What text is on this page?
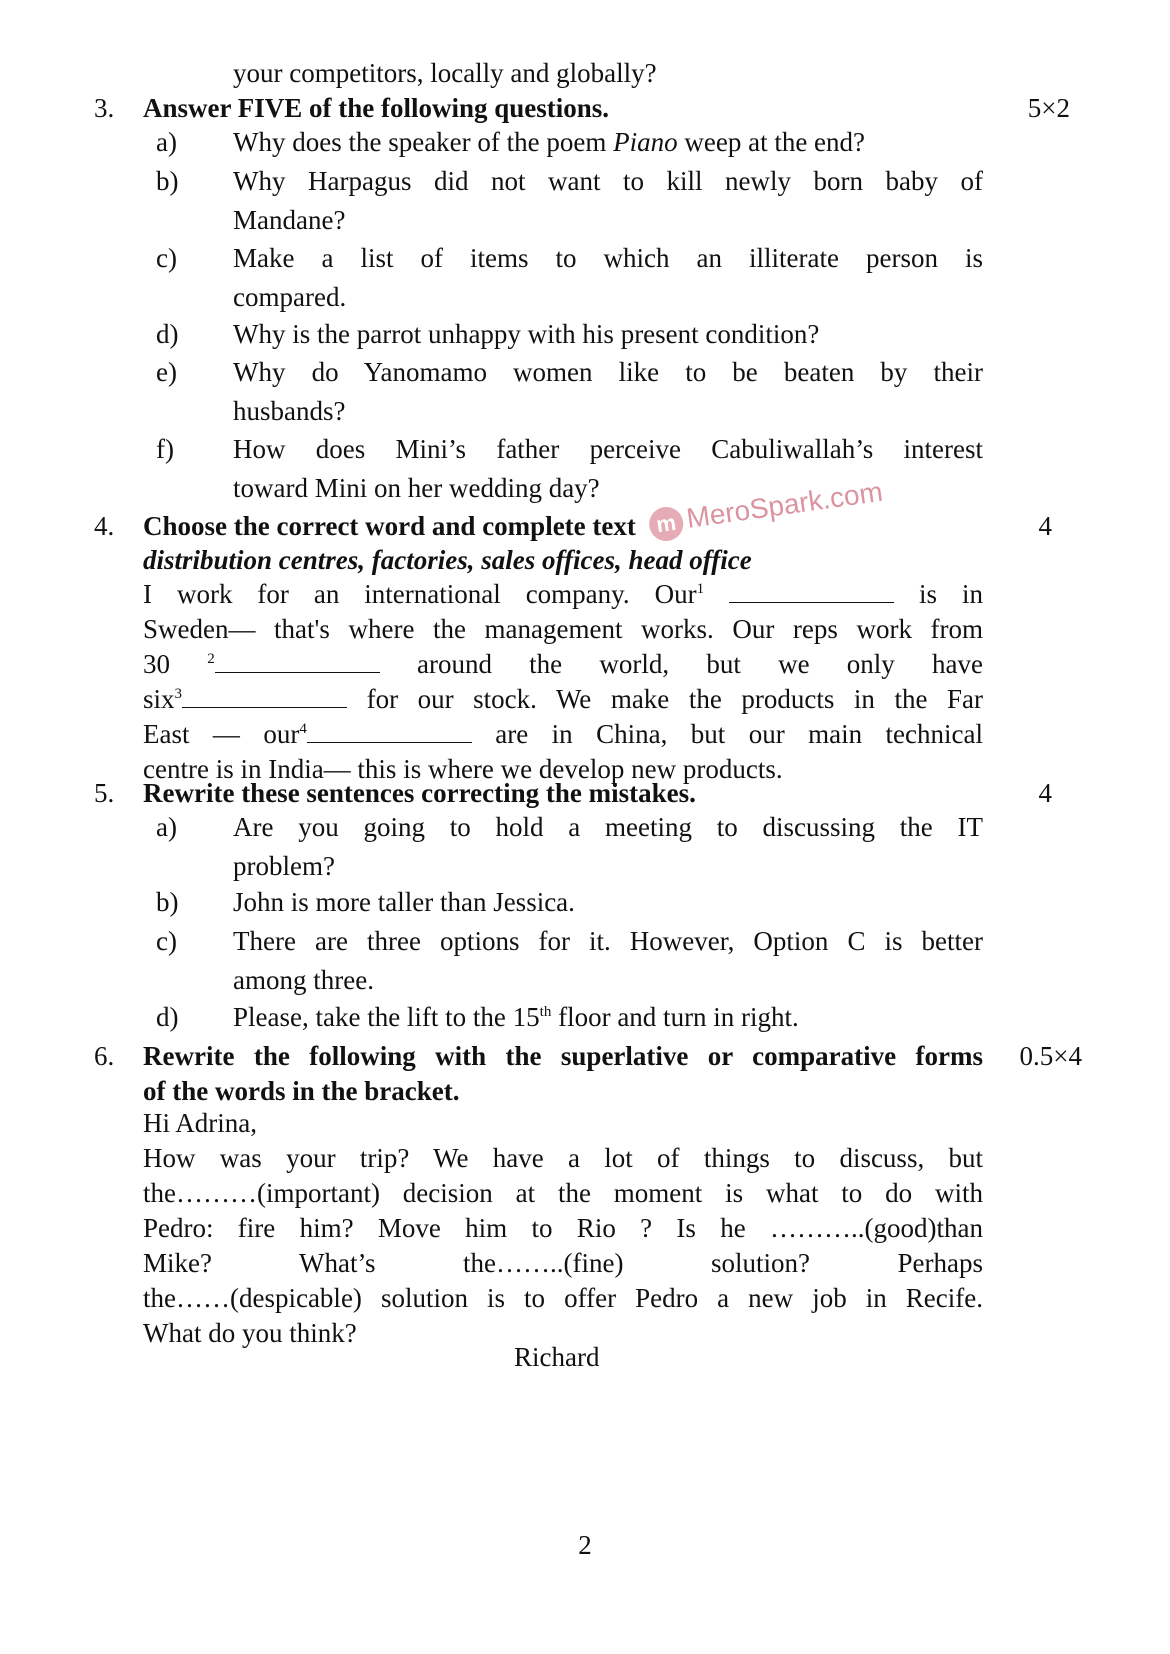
your competitors, locally and globally?
3. Answer FIVE of the following questions.	5×2
a) Why does the speaker of the poem Piano weep at the end?
b) Why Harpagus did not want to kill newly born baby of
Mandane?
c) Make a list of items to which an illiterate person is
compared.
d) Why is the parrot unhappy with his present condition?
e) Why do Yanomamo women like to be beaten by their
husbands?
f) How does Mini’s father perceive Cabuliwallah’s interest
toward Mini on her wedding day?
m MeroSpark.com
4. Choose the correct word and complete text	4
distribution centres, factories, sales offices, head office
I work for an international company. Our$^1$	is in
Sweden— that's where the management works. Our reps work from
30 $^2$	around the world, but we only have
six$^3$	for our stock. We make the products in the Far
East — our$^4$	are in China, but our main technical
centre is in India— this is where we develop new products.
5. Rewrite these sentences correcting the mistakes.	4
a) Are you going to hold a meeting to discussing the IT
problem?
b) John is more taller than Jessica.
c) There are three options for it. However, Option C is better
among three.
d) Please, take the lift to the 15th floor and turn in right.
6. Rewrite the following with the superlative or comparative forms
of the words in the bracket.
0.5×4
Hi Adrina,
How was your trip? We have a lot of things to discuss, but
the………(important) decision at the moment is what to do with
Pedro: fire him? Move him to Rio ? Is he ………..(good)than
Mike? What’s the……..(fine) solution? Perhaps
the……(despicable) solution is to offer Pedro a new job in Recife.
What do you think?
Richard
2
